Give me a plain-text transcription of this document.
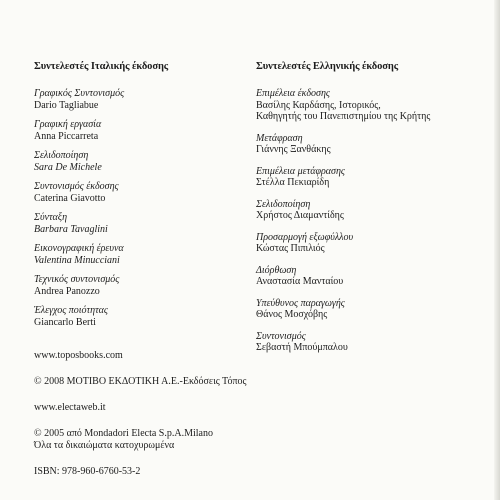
Συντελεστές Ιταλικής έκδοσης
Γραφικός Συντονισμός
Dario Tagliabue
Γραφική εργασία
Anna Piccarreta
Σελιδοποίηση
Sara De Michele
Συντονισμός έκδοσης
Caterina Giavotto
Σύνταξη
Barbara Tavaglini
Εικονογραφική έρευνα
Valentina Minucciani
Τεχνικός συντονισμός
Andrea Panozzo
Έλεγχος ποιότητας
Giancarlo Berti
Συντελεστές Ελληνικής έκδοσης
Επιμέλεια έκδοσης
Βασίλης Καρδάσης, Ιστορικός,
Καθηγητής του Πανεπιστημίου της Κρήτης
Μετάφραση
Γιάννης Ξανθάκης
Επιμέλεια μετάφρασης
Στέλλα Πεκιαρίδη
Σελιδοποίηση
Χρήστος Διαμαντίδης
Προσαρμογή εξωφύλλου
Κώστας Πιπιλιός
Διόρθωση
Αναστασία Μανταίου
Υπεύθυνος παραγωγής
Θάνος Μοσχόβης
Συντονισμός
Σεβαστή Μπούμπαλου
www.toposbooks.com
© 2008 ΜΟΤΙΒΟ ΕΚΔΟΤΙΚΗ Α.Ε.-Εκδόσεις Τόπος
www.electaweb.it
© 2005 από Mondadori Electa S.p.A.Milano
Όλα τα δικαιώματα κατοχυρωμένα
ISBN: 978-960-6760-53-2
